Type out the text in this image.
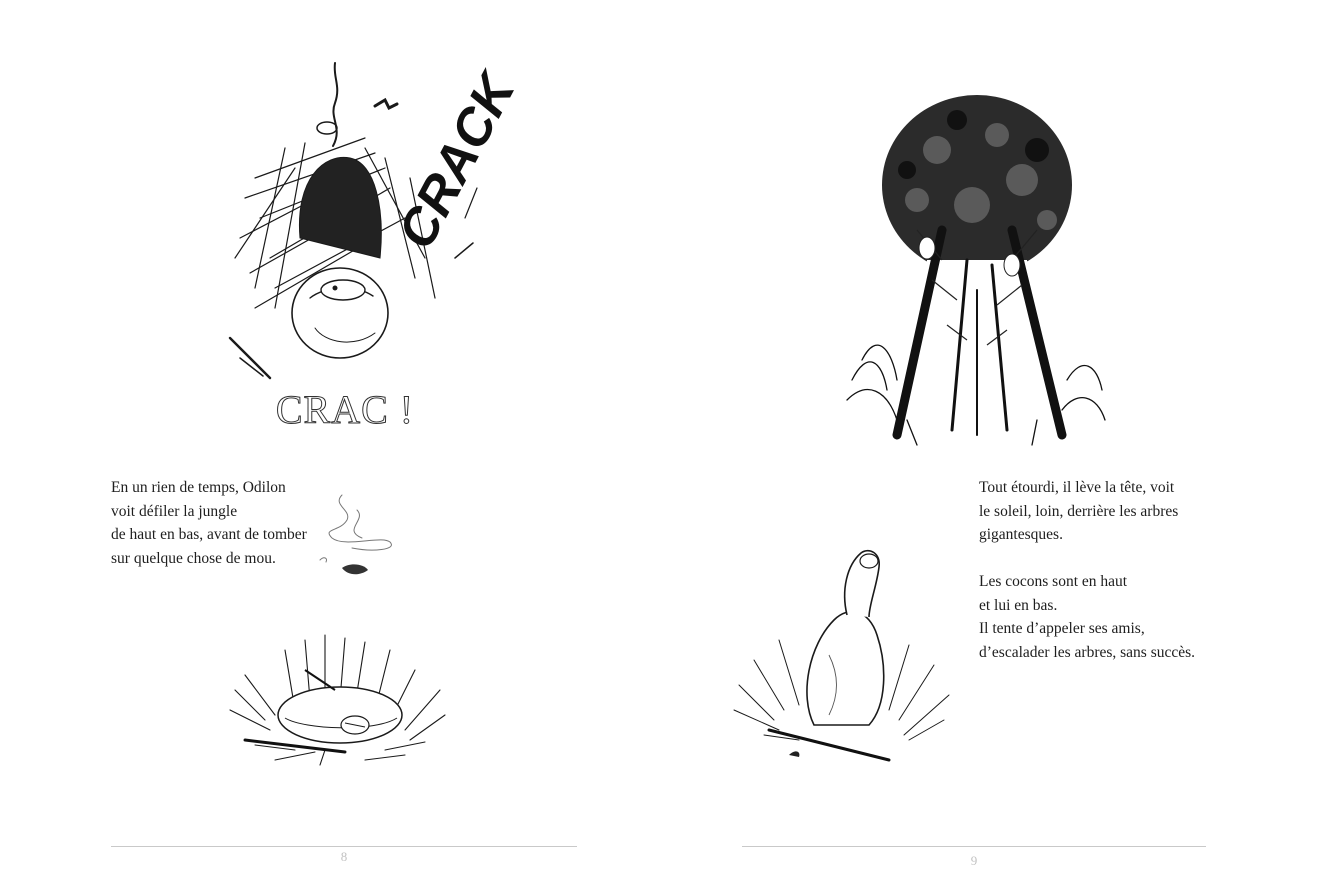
CRACK
CRAC !
En un rien de temps, Odilon
voit défiler la jungle
de haut en bas, avant de tomber
sur quelque chose de mou.
8
Tout étourdi, il lève la tête, voit
le soleil, loin, derrière les arbres
gigantesques.
Les cocons sont en haut
et lui en bas.
Il tente d’appeler ses amis,
d’escalader les arbres, sans succès.
9
